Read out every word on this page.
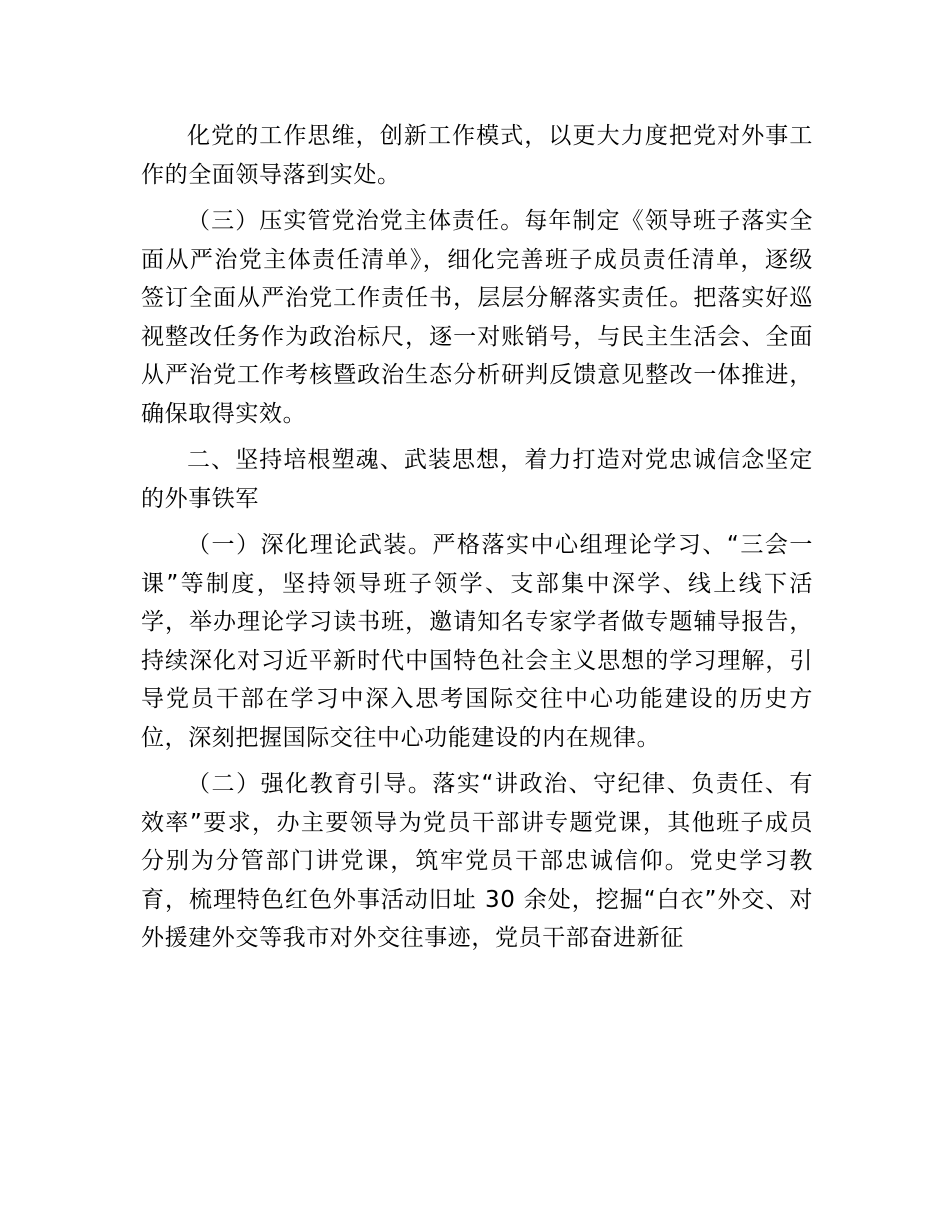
化党的工作思维，创新工作模式，以更大力度把党对外事工作的全面领导落到实处。

（三）压实管党治党主体责任。每年制定《领导班子落实全面从严治党主体责任清单》，细化完善班子成员责任清单，逐级签订全面从严治党工作责任书，层层分解落实责任。把落实好巡视整改任务作为政治标尺，逐一对账销号，与民主生活会、全面从严治党工作考核暨政治生态分析研判反馈意见整改一体推进，确保取得实效。

二、坚持培根塑魂、武装思想，着力打造对党忠诚信念坚定的外事铁军

（一）深化理论武装。严格落实中心组理论学习、“三会一课”等制度，坚持领导班子领学、支部集中深学、线上线下活学，举办理论学习读书班，邀请知名专家学者做专题辅导报告，持续深化对习近平新时代中国特色社会主义思想的学习理解，引导党员干部在学习中深入思考国际交往中心功能建设的历史方位，深刻把握国际交往中心功能建设的内在规律。

（二）强化教育引导。落实“讲政治、守纪律、负责任、有效率”要求，办主要领导为党员干部讲专题党课，其他班子成员分别为分管部门讲党课，筑牢党员干部忠诚信仰。党史学习教育，梳理特色红色外事活动旧址 30 余处，挖掘“白衣”外交、对外援建外交等我市对外交往事迹，党员干部奋进新征
